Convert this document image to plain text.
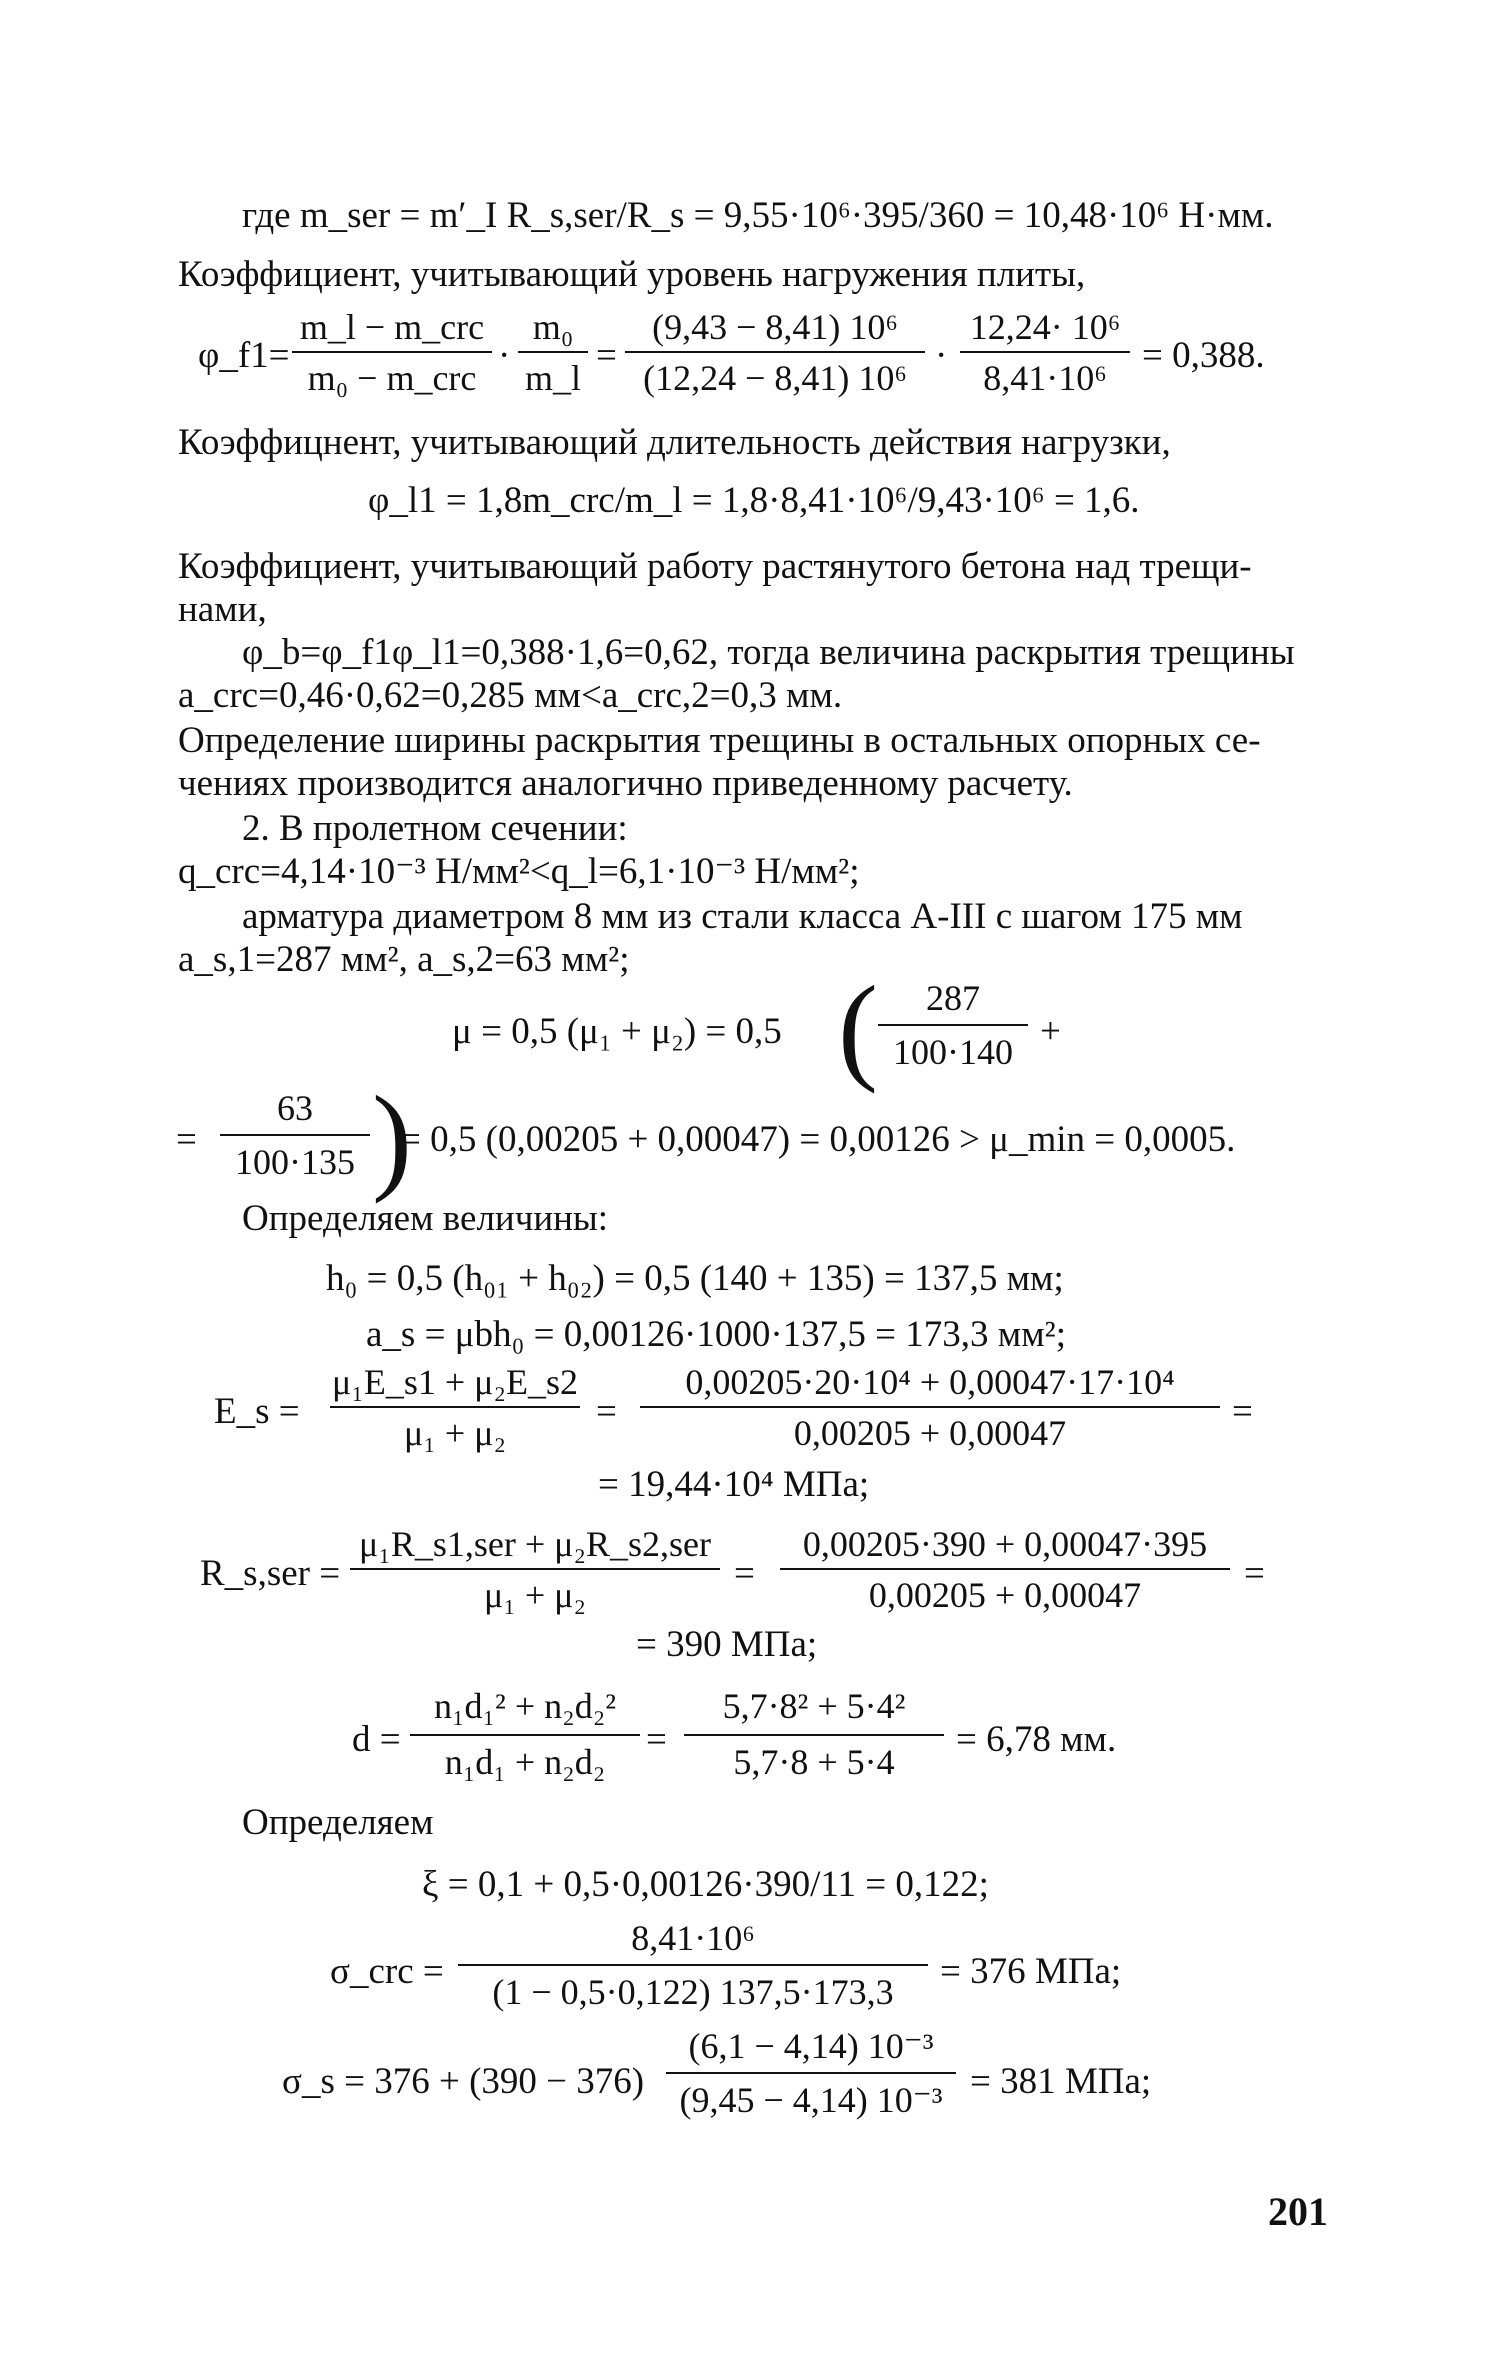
где m_ser = m′_I R_s,ser/R_s = 9,55·10⁶·395/360 = 10,48·10⁶ Н·мм.
Коэффициент, учитывающий уровень нагружения плиты,
φ_f1=
m_l − m_crc
m₀ − m_crc
·
m₀
m_l
=
(9,43 − 8,41) 10⁶
(12,24 − 8,41) 10⁶
·
12,24· 10⁶
8,41·10⁶
= 0,388.
Коэффицнент, учитывающий длительность действия нагрузки,
φ_l1 = 1,8m_crc/m_l = 1,8·8,41·10⁶/9,43·10⁶ = 1,6.
Коэффициент, учитывающий работу растянутого бетона над трещи-
нами,
φ_b=φ_f1φ_l1=0,388·1,6=0,62, тогда величина раскрытия трещины
a_crc=0,46·0,62=0,285 мм<a_crc,2=0,3 мм.
Определение ширины раскрытия трещины в остальных опорных се-
чениях производится аналогично приведенному расчету.
2. В пролетном сечении:
q_crc=4,14·10⁻³ Н/мм²<q_l=6,1·10⁻³ Н/мм²;
арматура диаметром 8 мм из стали класса А-III с шагом 175 мм
a_s,1=287 мм², a_s,2=63 мм²;
μ = 0,5 (μ₁ + μ₂) = 0,5 (	287
100·140 +
=
63
100·135 )
= 0,5 (0,00205 + 0,00047) = 0,00126 > μ_min = 0,0005.
Определяем величины:
h₀ = 0,5 (h₀₁ + h₀₂) = 0,5 (140 + 135) = 137,5 мм;
a_s = μbh₀ = 0,00126·1000·137,5 = 173,3 мм²;
E_s =
μ₁E_s1 + μ₂E_s2
μ₁ + μ₂
=
0,00205·20·10⁴ + 0,00047·17·10⁴
0,00205 + 0,00047
=
= 19,44·10⁴ МПа;
R_s,ser =
μ₁R_s1,ser + μ₂R_s2,ser
μ₁ + μ₂
=
0,00205·390 + 0,00047·395
0,00205 + 0,00047
=
= 390 МПа;
d =
n₁d₁² + n₂d₂²
n₁d₁ + n₂d₂
=
5,7·8² + 5·4²
5,7·8 + 5·4
= 6,78 мм.
Определяем
ξ = 0,1 + 0,5·0,00126·390/11 = 0,122;
σ_crc =
8,41·10⁶
(1 − 0,5·0,122) 137,5·173,3	= 376 МПа;
σ_s = 376 + (390 − 376)
(6,1 − 4,14) 10⁻³
(9,45 − 4,14) 10⁻³ = 381 МПа;
201
